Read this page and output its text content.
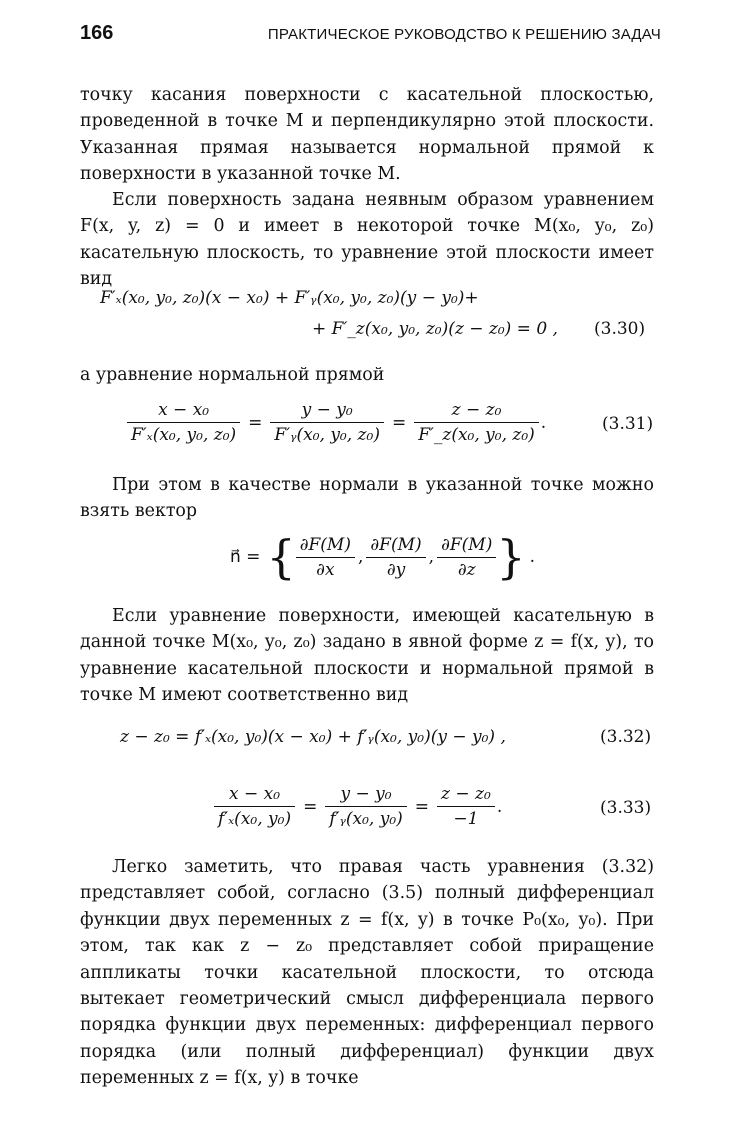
166	ПРАКТИЧЕСКОЕ РУКОВОДСТВО К РЕШЕНИЮ ЗАДАЧ

точку касания поверхности с касательной плоскостью, проведенной в точке M и перпендикулярно этой плоскости. Указанная прямая называется нормальной прямой к поверхности в указанной точке M.

Если поверхность задана неявным образом уравнением F(x, y, z) = 0 и имеет в некоторой точке M(x₀, y₀, z₀) касательную плоскость, то уравнение этой плоскости имеет вид

F′ₓ(x₀, y₀, z₀)(x − x₀) + F′ᵧ(x₀, y₀, z₀)(y − y₀)+
+ F′_z(x₀, y₀, z₀)(z − z₀) = 0 , (3.30)

а уравнение нормальной прямой

$\frac{\text{x − x₀}}{\text{F′ₓ(x₀, y₀, z₀)}} = \frac{\text{y − y₀}}{\text{F′ᵧ(x₀, y₀, z₀)}} = \frac{\text{z − z₀}}{\text{F′\_z(x₀, y₀, z₀)}}$ .	(3.31)

При этом в качестве нормали в указанной точке можно взять вектор

n⃗ = { $\frac{\partial F(M)}{\partial x}$ , $\frac{\partial F(M)}{\partial y}$ , $\frac{\partial F(M)}{\partial z}$ } .

Если уравнение поверхности, имеющей касательную в данной точке M(x₀, y₀, z₀) задано в явной форме z = f(x, y), то уравнение касательной плоскости и нормальной прямой в точке M имеют соответственно вид

z − z₀ = f′ₓ(x₀, y₀)(x − x₀) + f′ᵧ(x₀, y₀)(y − y₀) ,	(3.32)
$\frac{\text{x − x₀}}{\text{f′ₓ(x₀, y₀)}} = \frac{\text{y − y₀}}{\text{f′ᵧ(x₀, y₀)}} = \frac{\text{z − z₀}}{-1}$ .	(3.33)

Легко заметить, что правая часть уравнения (3.32) представляет собой, согласно (3.5) полный дифференциал функции двух переменных z = f(x, y) в точке P₀(x₀, y₀). При этом, так как z − z₀ представляет собой приращение аппликаты точки касательной плоскости, то отсюда вытекает геометрический смысл дифференциала первого порядка функции двух переменных: дифференциал первого порядка (или полный дифференциал) функции двух переменных z = f(x, y) в точке
